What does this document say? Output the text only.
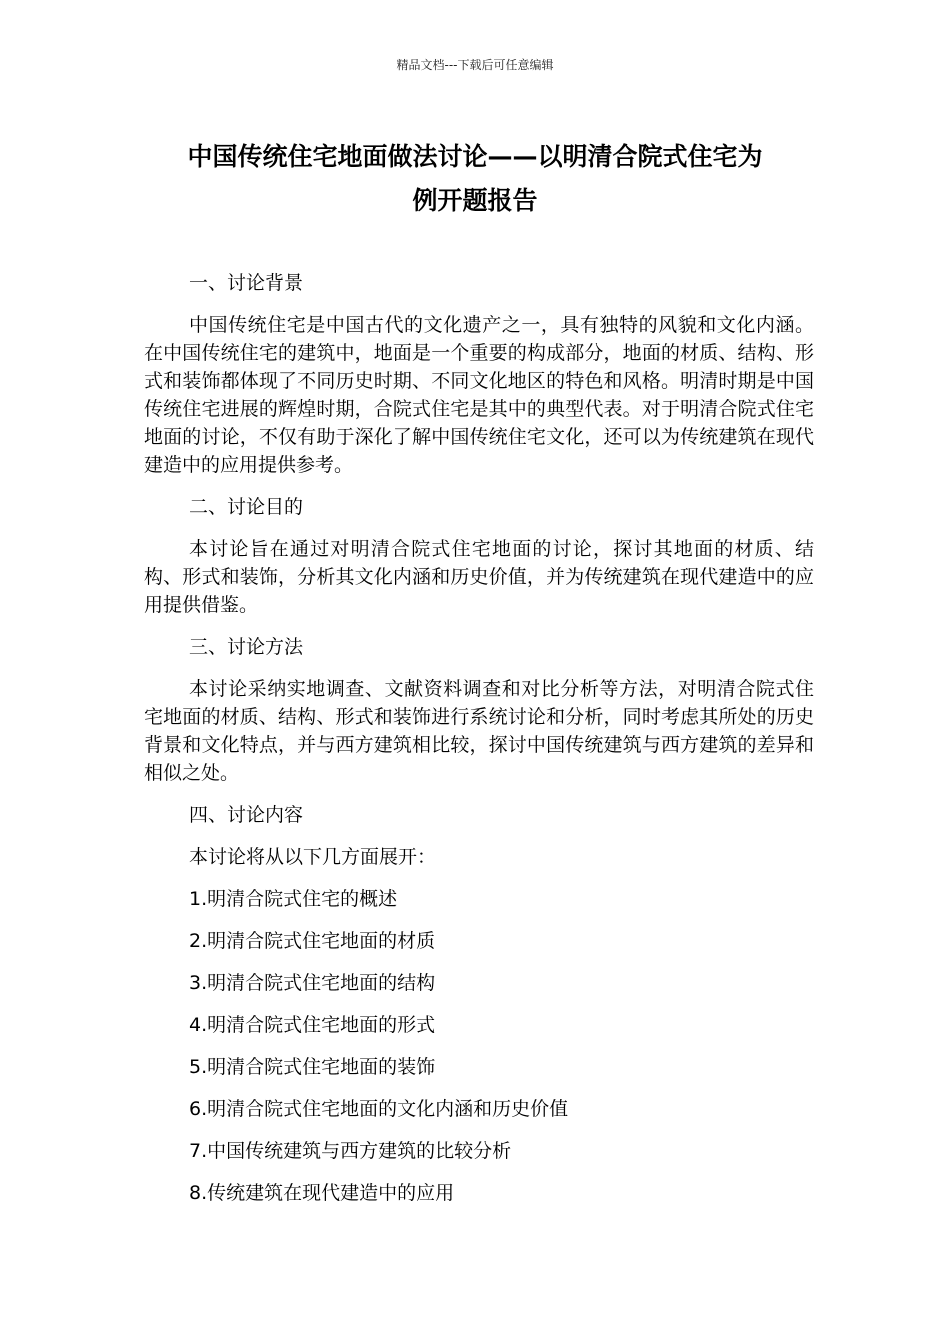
精品文档---下载后可任意编辑
中国传统住宅地面做法讨论——以明清合院式住宅为
例开题报告

一、讨论背景

中国传统住宅是中国古代的文化遗产之一，具有独特的风貌和文化内涵。在中国传统住宅的建筑中，地面是一个重要的构成部分，地面的材质、结构、形式和装饰都体现了不同历史时期、不同文化地区的特色和风格。明清时期是中国传统住宅进展的辉煌时期，合院式住宅是其中的典型代表。对于明清合院式住宅地面的讨论，不仅有助于深化了解中国传统住宅文化，还可以为传统建筑在现代建造中的应用提供参考。

二、讨论目的

本讨论旨在通过对明清合院式住宅地面的讨论，探讨其地面的材质、结构、形式和装饰，分析其文化内涵和历史价值，并为传统建筑在现代建造中的应用提供借鉴。

三、讨论方法

本讨论采纳实地调查、文献资料调查和对比分析等方法，对明清合院式住宅地面的材质、结构、形式和装饰进行系统讨论和分析，同时考虑其所处的历史背景和文化特点，并与西方建筑相比较，探讨中国传统建筑与西方建筑的差异和相似之处。

四、讨论内容

本讨论将从以下几方面展开：

1.明清合院式住宅的概述
2.明清合院式住宅地面的材质
3.明清合院式住宅地面的结构
4.明清合院式住宅地面的形式
5.明清合院式住宅地面的装饰
6.明清合院式住宅地面的文化内涵和历史价值
7.中国传统建筑与西方建筑的比较分析
8.传统建筑在现代建造中的应用
